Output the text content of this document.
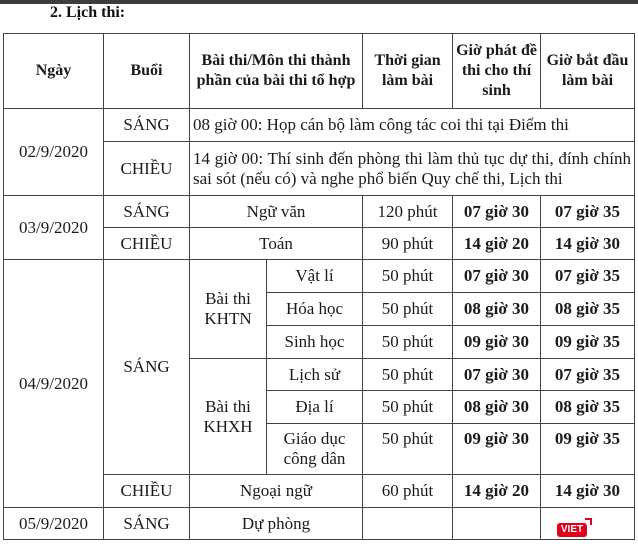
2. Lịch thi:
Ngày	Buổi	Bài thi/Môn thi thành phần của bài thi tổ hợp		Thời gian làm bài	Giờ phát đề thi cho thí sinh	Giờ bắt đầu làm bài
02/9/2020	SÁNG	08 giờ 00: Họp cán bộ làm công tác coi thi tại Điểm thi				
	CHIỀU	14 giờ 00: Thí sinh đến phòng thi làm thủ tục dự thi, đính chính sai sót (nếu có) và nghe phổ biến Quy chế thi, Lịch thi				
03/9/2020	SÁNG	Ngữ văn		120 phút	07 giờ 30	07 giờ 35
	CHIỀU	Toán		90 phút	14 giờ 20	14 giờ 30
04/9/2020	SÁNG	Bài thi KHTN	Vật lí	50 phút	07 giờ 30	07 giờ 35
			Hóa học	50 phút	08 giờ 30	08 giờ 35
			Sinh học	50 phút	09 giờ 30	09 giờ 35
		Bài thi KHXH	Lịch sử	50 phút	07 giờ 30	07 giờ 35
			Địa lí	50 phút	08 giờ 30	08 giờ 35
			Giáo dục công dân	50 phút	09 giờ 30	09 giờ 35
	CHIỀU	Ngoại ngữ		60 phút	14 giờ 20	14 giờ 30
05/9/2020	SÁNG	Dự phòng					VIET
